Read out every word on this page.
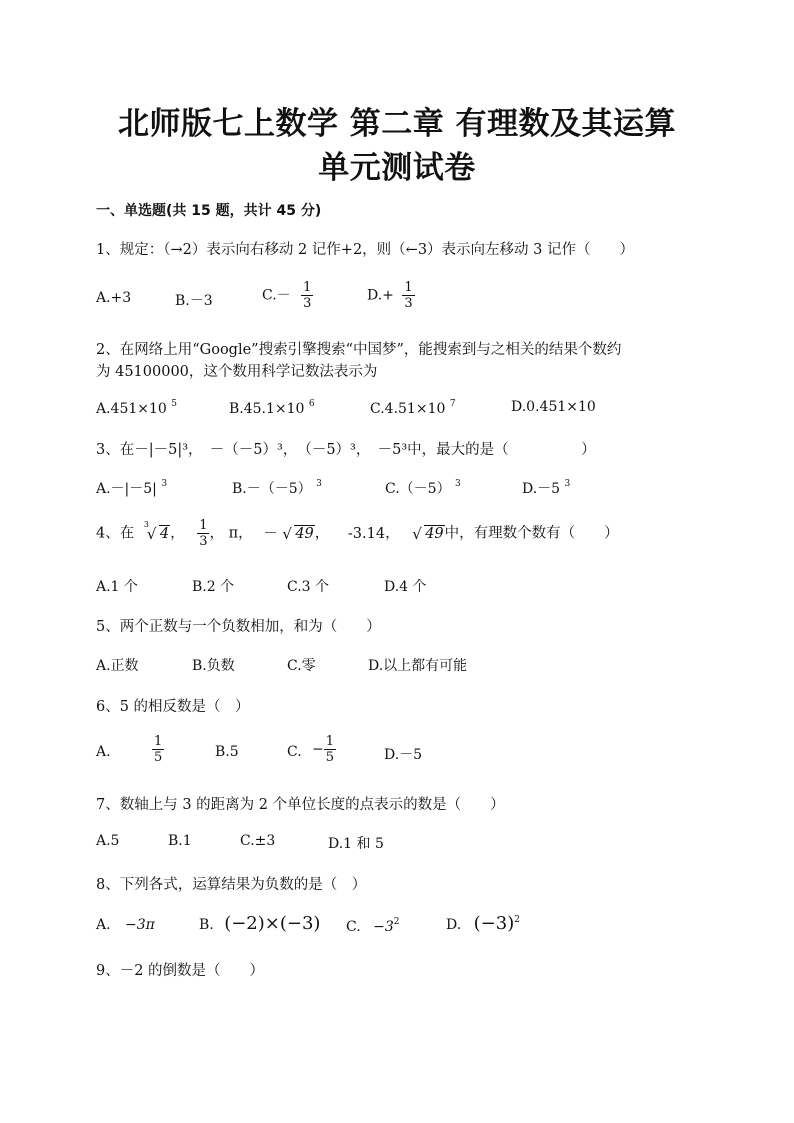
北师版七上数学 第二章 有理数及其运算
单元测试卷
一、单选题(共 15 题，共计 45 分)
1、规定：（→2）表示向右移动 2 记作+2，则（←3）表示向左移动 3 记作（　　）
A.+3	B.－3	$C.- \frac{1}{3}$	$D.+ \frac{1}{3}$
2、在网络上用“Google”搜索引擎搜索“中国梦”，能搜索到与之相关的结果个数约
为 45100000，这个数用科学记数法表示为
A.451×10 $^5$	B.45.1×10 $^6$	C.4.51×10 $^7$	D.0.451×10
3、在－|－5|³，　－（－5）³，　（－5）³，　－5³中，最大的是（　　　　　）
A.－|－5| $^3$	B.－（－5） $^3$	C.（－5） $^3$	D.－5 $^3$
4、在
3
√ 4， $\frac{1}{3}$ ， π， － √ 49， -3.14， √ 49中，有理数个数有（　　）
A.1 个	B.2 个	C.3 个	D.4 个
5、两个正数与一个负数相加，和为（　　）
A.正数	B.负数	C.零	D.以上都有可能
6、5 的相反数是（　）
A.	$\frac{1}{5}$	B.5	C. − $\frac{1}{5}$	D.－5
7、数轴上与 3 的距离为 2 个单位长度的点表示的数是（　　）
A.5	B.1	C.±3	D.1 和 5
8、下列各式，运算结果为负数的是（　）
A. −3π	B. (−2)×(−3) C. $-3^2$	D. $(-3)^2$
9、－2 的倒数是（　　）
